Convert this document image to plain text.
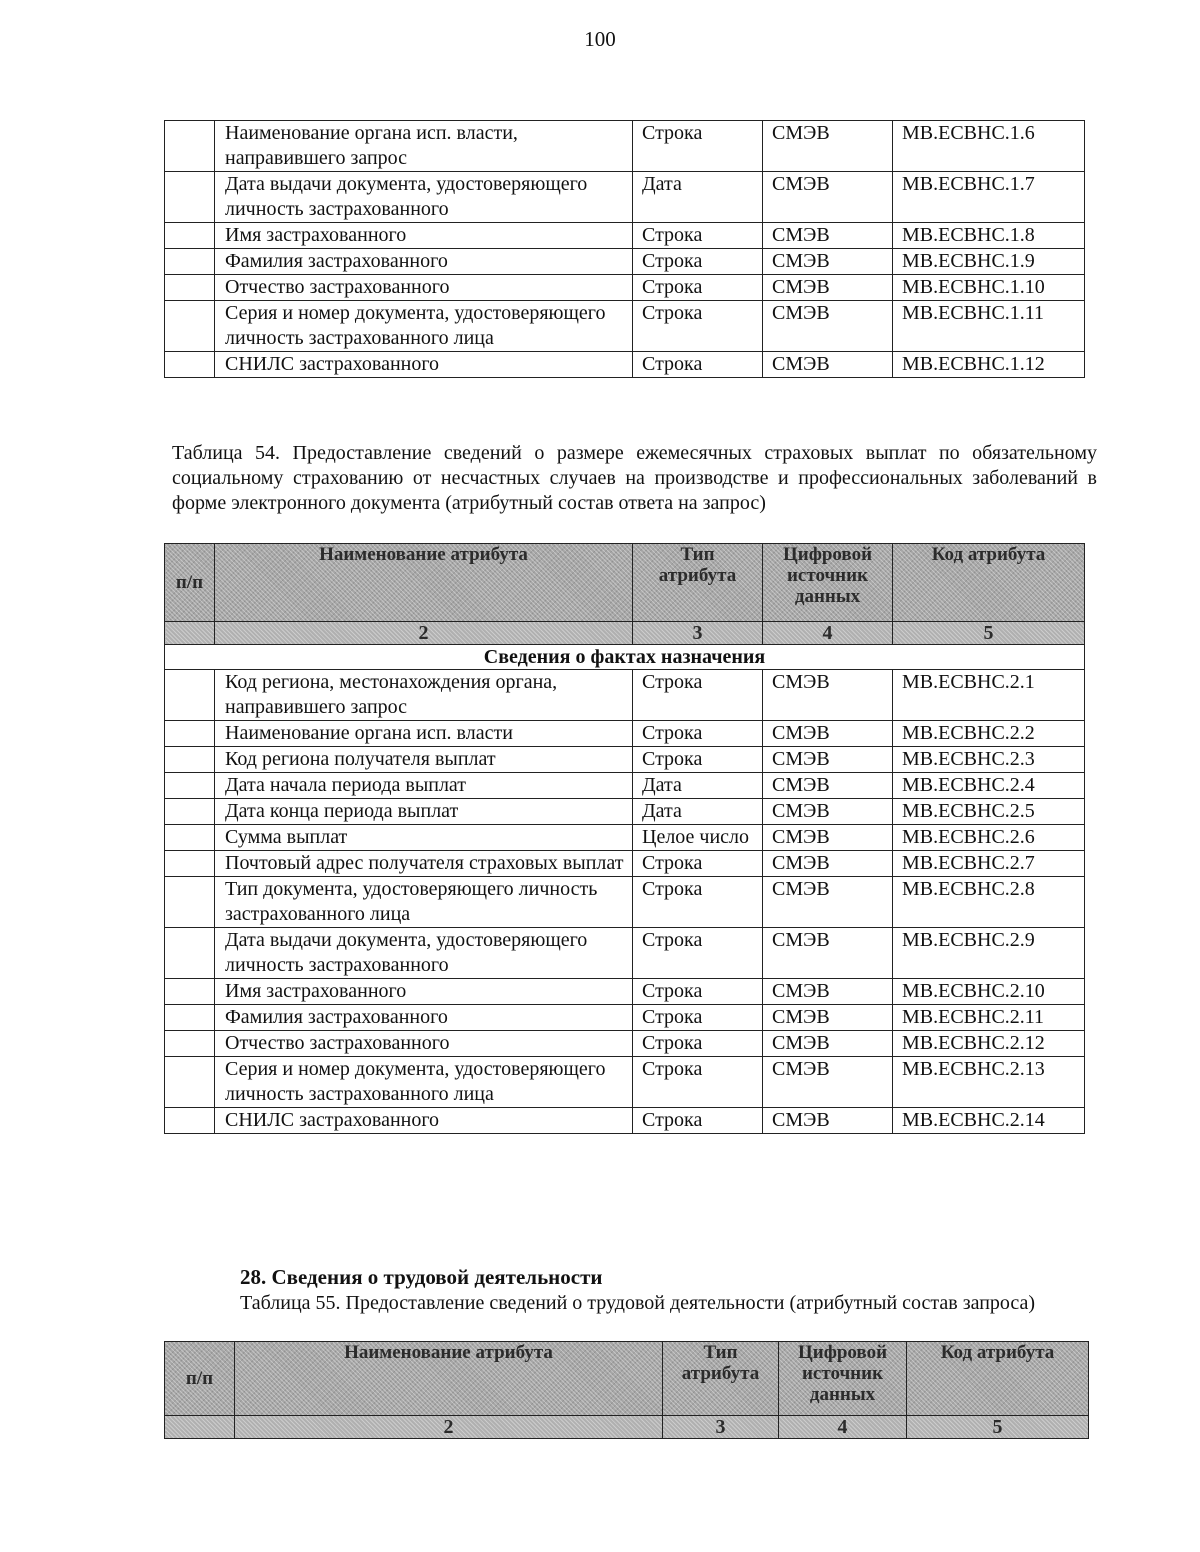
100
	Наименование органа исп. власти, направившего запрос	Строка	СМЭВ	MB.ECBHC.1.6
	Дата выдачи документа, удостоверяющего личность застрахованного	Дата	СМЭВ	MB.ECBHC.1.7
	Имя застрахованного	Строка	СМЭВ	MB.ECBHC.1.8
	Фамилия застрахованного	Строка	СМЭВ	MB.ECBHC.1.9
	Отчество застрахованного	Строка	СМЭВ	MB.ECBHC.1.10
	Серия и номер документа, удостоверяющего личность застрахованного лица	Строка	СМЭВ	MB.ECBHC.1.11
	СНИЛС застрахованного	Строка	СМЭВ	MB.ECBHC.1.12
Таблица 54. Предоставление сведений о размере ежемесячных страховых выплат по обязательному социальному страхованию от несчастных случаев на производстве и профессиональных заболеваний в форме электронного документа (атрибутный состав ответа на запрос)
п/п	Наименование атрибута	Тип атрибута	Цифровой источник данных	Код атрибута
	2	3	4	5
Сведения о фактах назначения				
	Код региона, местонахождения органа, направившего запрос	Строка	СМЭВ	MB.ECBHC.2.1
	Наименование органа исп. власти	Строка	СМЭВ	MB.ECBHC.2.2
	Код региона получателя выплат	Строка	СМЭВ	MB.ECBHC.2.3
	Дата начала периода выплат	Дата	СМЭВ	MB.ECBHC.2.4
	Дата конца периода выплат	Дата	СМЭВ	MB.ECBHC.2.5
	Сумма выплат	Целое число	СМЭВ	MB.ECBHC.2.6
	Почтовый адрес получателя страховых выплат	Строка	СМЭВ	MB.ECBHC.2.7
	Тип документа, удостоверяющего личность застрахованного лица	Строка	СМЭВ	MB.ECBHC.2.8
	Дата выдачи документа, удостоверяющего личность застрахованного	Строка	СМЭВ	MB.ECBHC.2.9
	Имя застрахованного	Строка	СМЭВ	MB.ECBHC.2.10
	Фамилия застрахованного	Строка	СМЭВ	MB.ECBHC.2.11
	Отчество застрахованного	Строка	СМЭВ	MB.ECBHC.2.12
	Серия и номер документа, удостоверяющего личность застрахованного лица	Строка	СМЭВ	MB.ECBHC.2.13
	СНИЛС застрахованного	Строка	СМЭВ	MB.ECBHC.2.14
28. Сведения о трудовой деятельности
Таблица 55. Предоставление сведений о трудовой деятельности (атрибутный состав запроса)
п/п	Наименование атрибута	Тип атрибута	Цифровой источник данных	Код атрибута
	2	3	4	5
